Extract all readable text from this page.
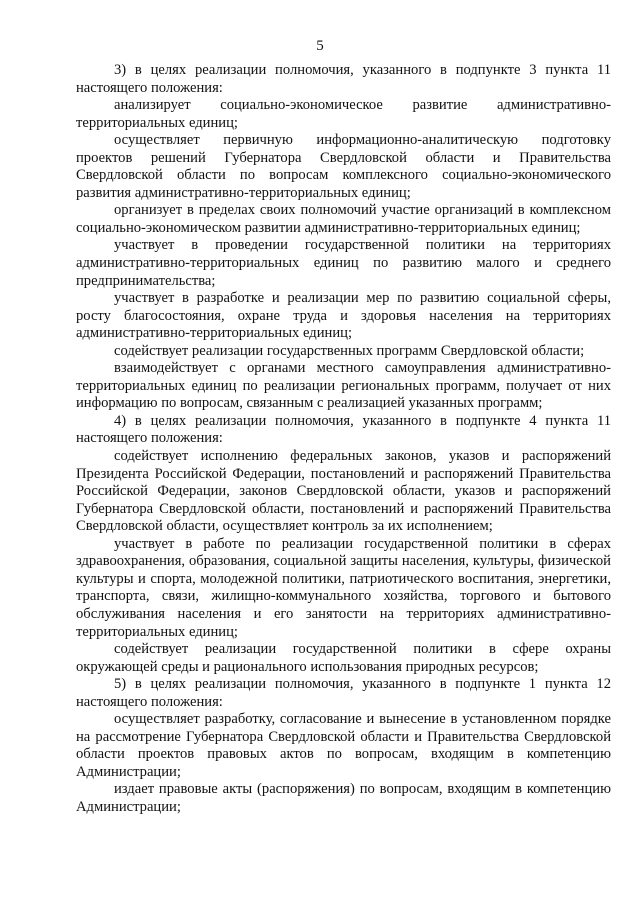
5

3) в целях реализации полномочия, указанного в подпункте 3 пункта 11 настоящего положения:

анализирует социально-экономическое развитие административно-территориальных единиц;

осуществляет первичную информационно-аналитическую подготовку проектов решений Губернатора Свердловской области и Правительства Свердловской области по вопросам комплексного социально-экономического развития административно-территориальных единиц;

организует в пределах своих полномочий участие организаций в комплексном социально-экономическом развитии административно-территориальных единиц;

участвует в проведении государственной политики на территориях административно-территориальных единиц по развитию малого и среднего предпринимательства;

участвует в разработке и реализации мер по развитию социальной сферы, росту благосостояния, охране труда и здоровья населения на территориях административно-территориальных единиц;

содействует реализации государственных программ Свердловской области;

взаимодействует с органами местного самоуправления административно-территориальных единиц по реализации региональных программ, получает от них информацию по вопросам, связанным с реализацией указанных программ;

4) в целях реализации полномочия, указанного в подпункте 4 пункта 11 настоящего положения:

содействует исполнению федеральных законов, указов и распоряжений Президента Российской Федерации, постановлений и распоряжений Правительства Российской Федерации, законов Свердловской области, указов и распоряжений Губернатора Свердловской области, постановлений и распоряжений Правительства Свердловской области, осуществляет контроль за их исполнением;

участвует в работе по реализации государственной политики в сферах здравоохранения, образования, социальной защиты населения, культуры, физической культуры и спорта, молодежной политики, патриотического воспитания, энергетики, транспорта, связи, жилищно-коммунального хозяйства, торгового и бытового обслуживания населения и его занятости на территориях административно-территориальных единиц;

содействует реализации государственной политики в сфере охраны окружающей среды и рационального использования природных ресурсов;

5) в целях реализации полномочия, указанного в подпункте 1 пункта 12 настоящего положения:

осуществляет разработку, согласование и вынесение в установленном порядке на рассмотрение Губернатора Свердловской области и Правительства Свердловской области проектов правовых актов по вопросам, входящим в компетенцию Администрации;

издает правовые акты (распоряжения) по вопросам, входящим в компетенцию Администрации;
